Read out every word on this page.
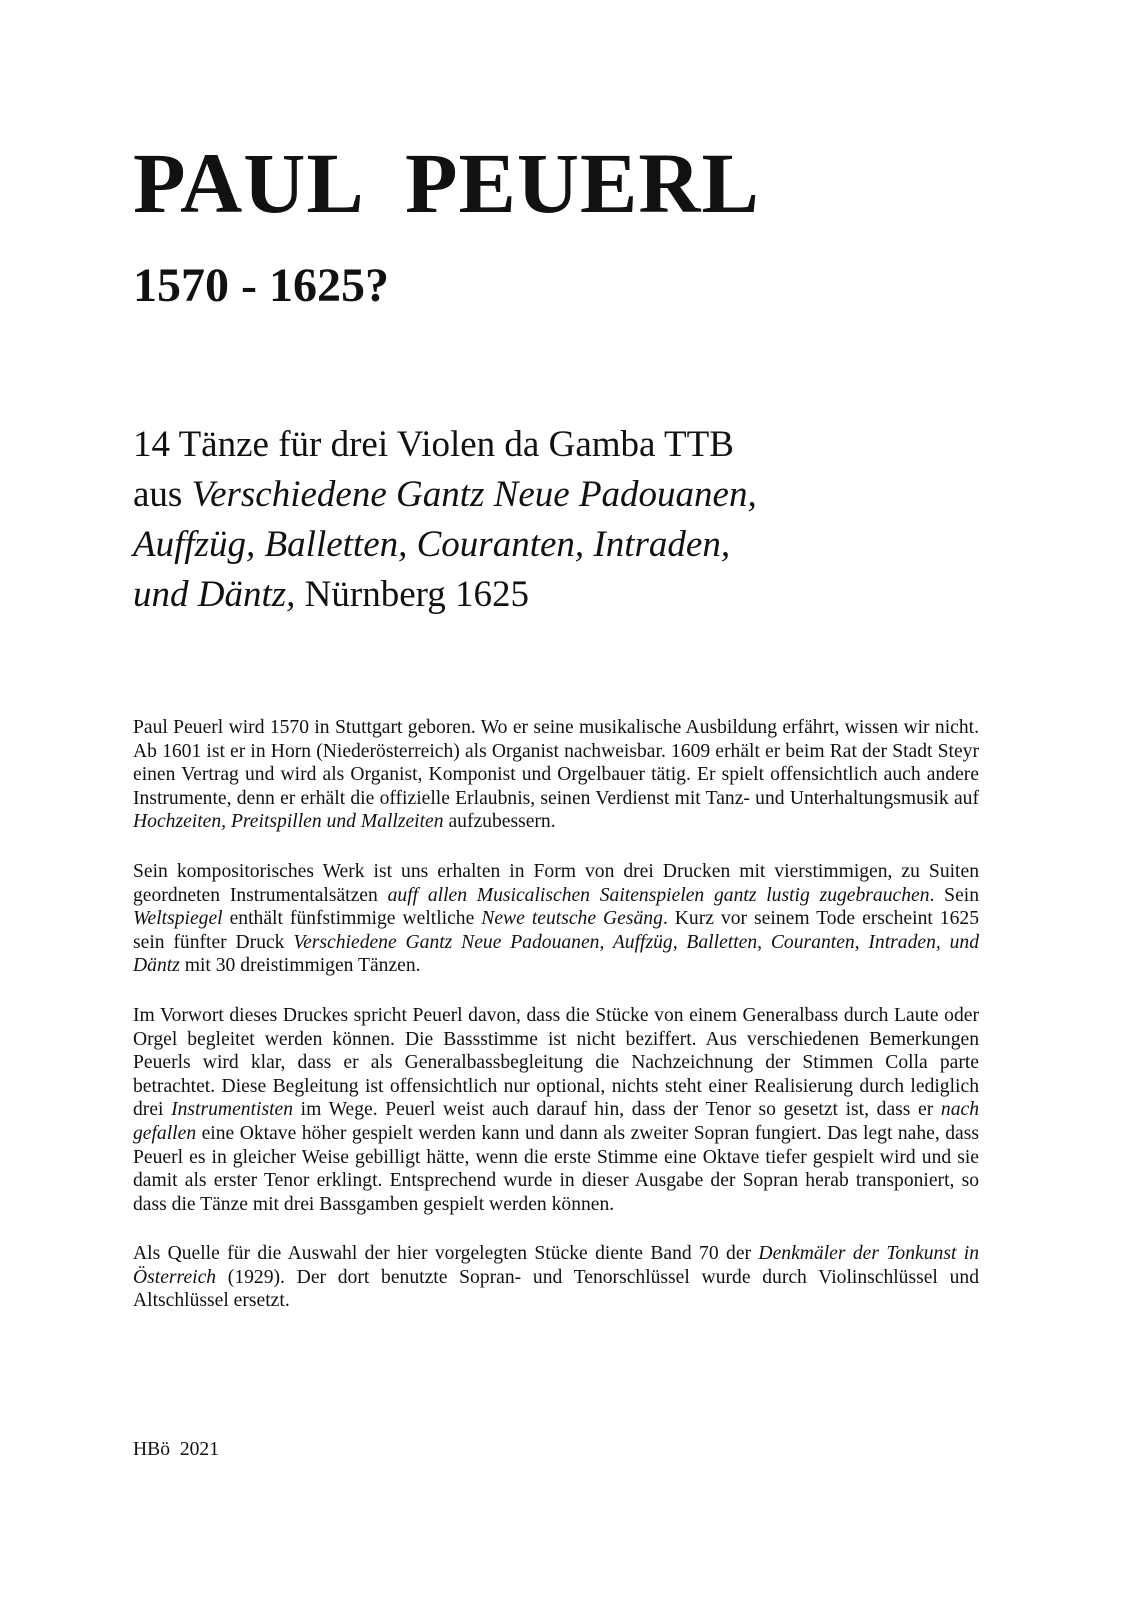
PAUL  PEUERL
1570 - 1625?
14 Tänze für drei Violen da Gamba TTB
aus Verschiedene Gantz Neue Padouanen,
Auffzüg, Balletten, Couranten, Intraden,
und Däntz, Nürnberg 1625

Paul Peuerl wird 1570 in Stuttgart geboren. Wo er seine musikalische Ausbildung erfährt, wissen wir nicht. Ab 1601 ist er in Horn (Niederösterreich) als Organist nachweisbar. 1609 erhält er beim Rat der Stadt Steyr einen Vertrag und wird als Organist, Komponist und Orgelbauer tätig. Er spielt offensichtlich auch andere Instrumente, denn er erhält die offizielle Erlaubnis, seinen Verdienst mit Tanz- und Unterhaltungsmusik auf Hochzeiten, Preitspillen und Mallzeiten aufzubessern.

Sein kompositorisches Werk ist uns erhalten in Form von drei Drucken mit vierstimmigen, zu Suiten geordneten Instrumentalsätzen auff allen Musicalischen Saitenspielen gantz lustig zugebrauchen. Sein Weltspiegel enthält fünfstimmige weltliche Newe teutsche Gesäng. Kurz vor seinem Tode erscheint 1625 sein fünfter Druck Verschiedene Gantz Neue Padouanen, Auffzüg, Balletten, Couranten, Intraden, und Däntz mit 30 dreistimmigen Tänzen.

Im Vorwort dieses Druckes spricht Peuerl davon, dass die Stücke von einem Generalbass durch Laute oder Orgel begleitet werden können. Die Bassstimme ist nicht beziffert. Aus verschiedenen Bemerkungen Peuerls wird klar, dass er als Generalbassbegleitung die Nachzeichnung der Stimmen Colla parte betrachtet. Diese Begleitung ist offensichtlich nur optional, nichts steht einer Realisierung durch lediglich drei Instrumentisten im Wege. Peuerl weist auch darauf hin, dass der Tenor so gesetzt ist, dass er nach gefallen eine Oktave höher gespielt werden kann und dann als zweiter Sopran fungiert. Das legt nahe, dass Peuerl es in gleicher Weise gebilligt hätte, wenn die erste Stimme eine Oktave tiefer gespielt wird und sie damit als erster Tenor erklingt. Entsprechend wurde in dieser Ausgabe der Sopran herab transponiert, so dass die Tänze mit drei Bassgamben gespielt werden können.

Als Quelle für die Auswahl der hier vorgelegten Stücke diente Band 70 der Denkmäler der Tonkunst in Österreich (1929). Der dort benutzte Sopran- und Tenorschlüssel wurde durch Violinschlüssel und Altschlüssel ersetzt.

HBö  2021
